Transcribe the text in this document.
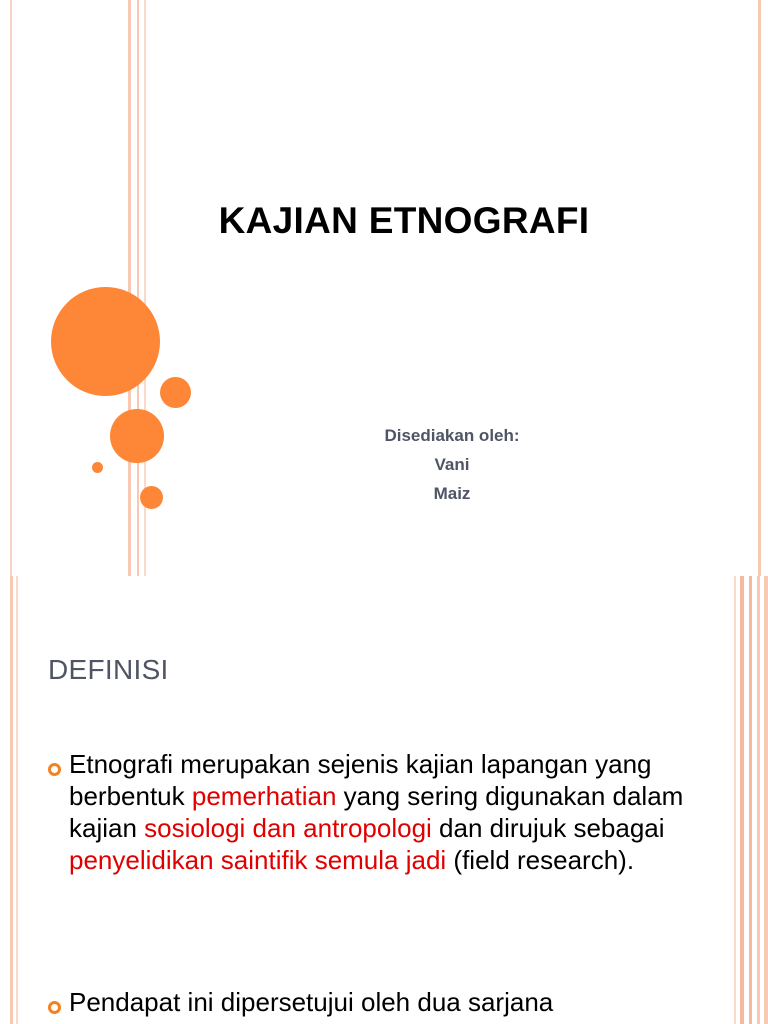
KAJIAN ETNOGRAFI
Disediakan oleh:
Vani
Maiz
DEFINISI
Etnografi merupakan sejenis kajian lapangan yang berbentuk pemerhatian yang sering digunakan dalam kajian sosiologi dan antropologi dan dirujuk sebagai penyelidikan saintifik semula jadi (field research).
Pendapat ini dipersetujui oleh dua sarjana
